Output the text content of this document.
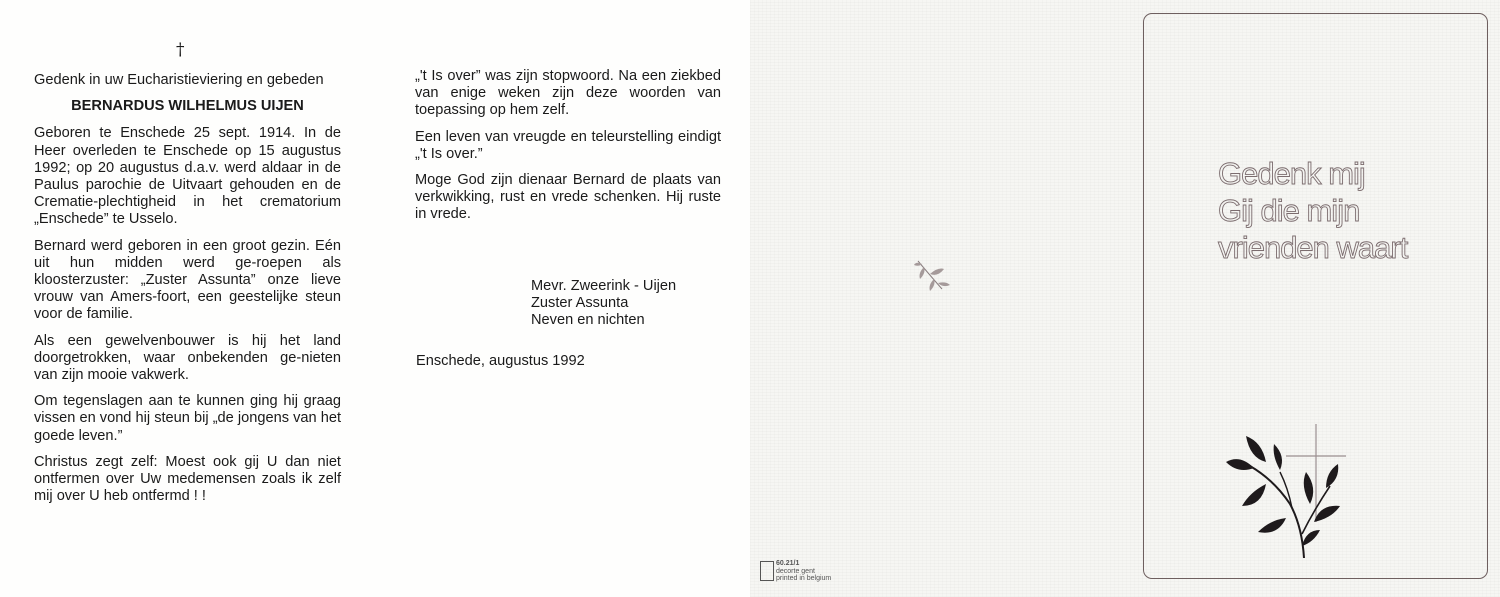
†

Gedenk in uw Eucharistieviering en gebeden

BERNARDUS WILHELMUS UIJEN

Geboren te Enschede 25 sept. 1914. In de Heer overleden te Enschede op 15 augustus 1992; op 20 augustus d.a.v. werd aldaar in de Paulus parochie de Uitvaart gehouden en de Crematie-plechtigheid in het crematorium „Enschede” te Usselo.

Bernard werd geboren in een groot gezin. Eén uit hun midden werd ge-roepen als kloosterzuster: „Zuster Assunta” onze lieve vrouw van Amers-foort, een geestelijke steun voor de familie.

Als een gewelvenbouwer is hij het land doorgetrokken, waar onbekenden ge-nieten van zijn mooie vakwerk.

Om tegenslagen aan te kunnen ging hij graag vissen en vond hij steun bij „de jongens van het goede leven.”

Christus zegt zelf: Moest ook gij U dan niet ontfermen over Uw medemensen zoals ik zelf mij over U heb ontfermd ! !

„'t Is over” was zijn stopwoord. Na een ziekbed van enige weken zijn deze woorden van toepassing op hem zelf.

Een leven van vreugde en teleurstelling eindigt „'t Is over.”

Moge God zijn dienaar Bernard de plaats van verkwikking, rust en vrede schenken. Hij ruste in vrede.

Mevr. Zweerink - Uijen
Zuster Assunta
Neven en nichten
Enschede, augustus 1992
Gedenk mij
Gij die mijn
vrienden waart
60.21/1
decorte gent
printed in belgium
